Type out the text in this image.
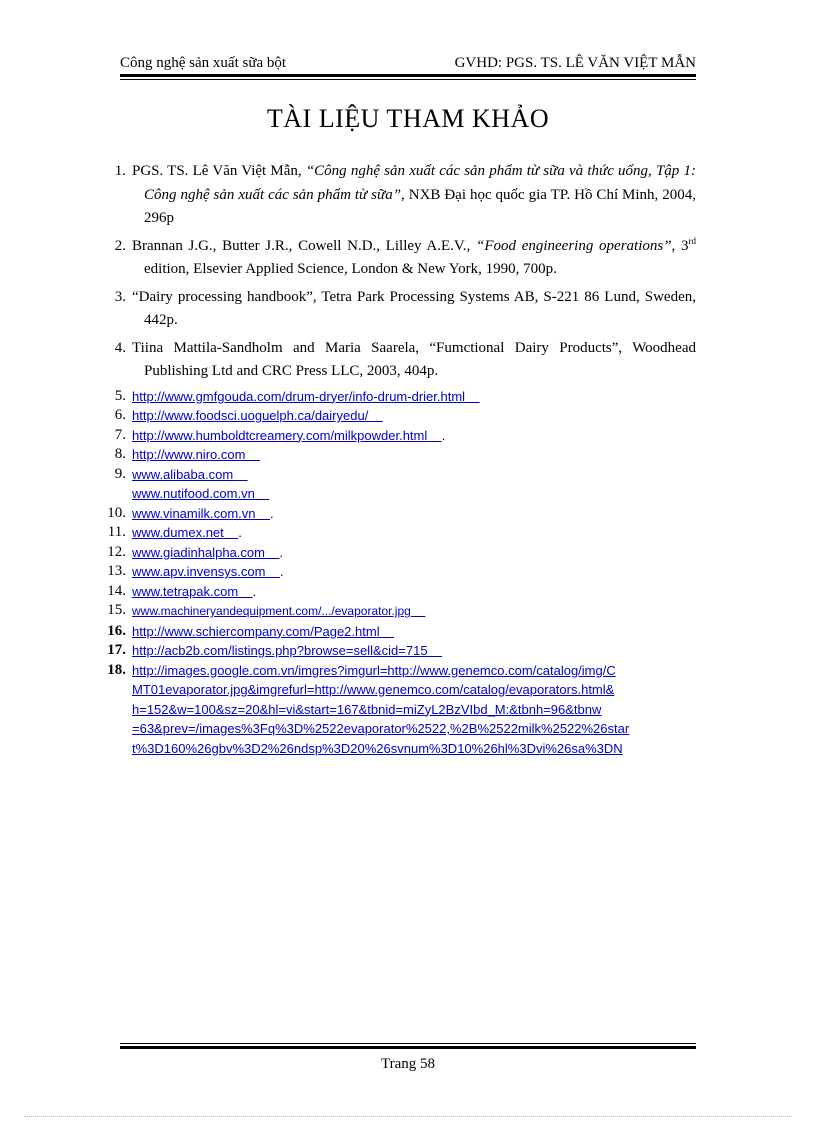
Công nghệ sản xuất sữa bột	GVHD: PGS. TS. LÊ VĂN VIỆT MẪN
TÀI LIỆU THAM KHẢO
1. PGS. TS. Lê Văn Việt Mẫn, “Công nghệ sản xuất các sản phẩm từ sữa và thức uống, Tập 1: Công nghệ sản xuất các sản phẩm từ sữa”, NXB Đại học quốc gia TP. Hồ Chí Minh, 2004, 296p
2. Brannan J.G., Butter J.R., Cowell N.D., Lilley A.E.V., “Food engineering operations”, 3rd edition, Elsevier Applied Science, London & New York, 1990, 700p.
3. “Dairy processing handbook”, Tetra Park Processing Systems AB, S-221 86 Lund, Sweden, 442p.
4. Tiina Mattila-Sandholm and Maria Saarela, “Fumctional Dairy Products”, Woodhead Publishing Ltd and CRC Press LLC, 2003, 404p.
5. http://www.gmfgouda.com/drum-dryer/info-drum-drier.html
6. http://www.foodsci.uoguelph.ca/dairyedu/
7. http://www.humboldtcreamery.com/milkpowder.html .
8. http://www.niro.com
9. www.alibaba.com
www.nutifood.com.vn
10. www.vinamilk.com.vn .
11. www.dumex.net .
12. www.giadinhalpha.com .
13. www.apv.invensys.com .
14. www.tetrapak.com .
15. www.machineryandequipment.com/.../evaporator.jpg
16. http://www.schiercompany.com/Page2.html
17. http://acb2b.com/listings.php?browse=sell&cid=715
18. http://images.google.com.vn/imgres?imgurl=http://www.genemco.com/catalog/img/C
MT01evaporator.jpg&imgrefurl=http://www.genemco.com/catalog/evaporators.html&
h=152&w=100&sz=20&hl=vi&start=167&tbnid=miZyL2BzVIbd_M:&tbnh=96&tbnw
=63&prev=/images%3Fq%3D%2522evaporator%2522,%2B%2522milk%2522%26star
t%3D160%26gbv%3D2%26ndsp%3D20%26svnum%3D10%26hl%3Dvi%26sa%3DN
Trang 58
